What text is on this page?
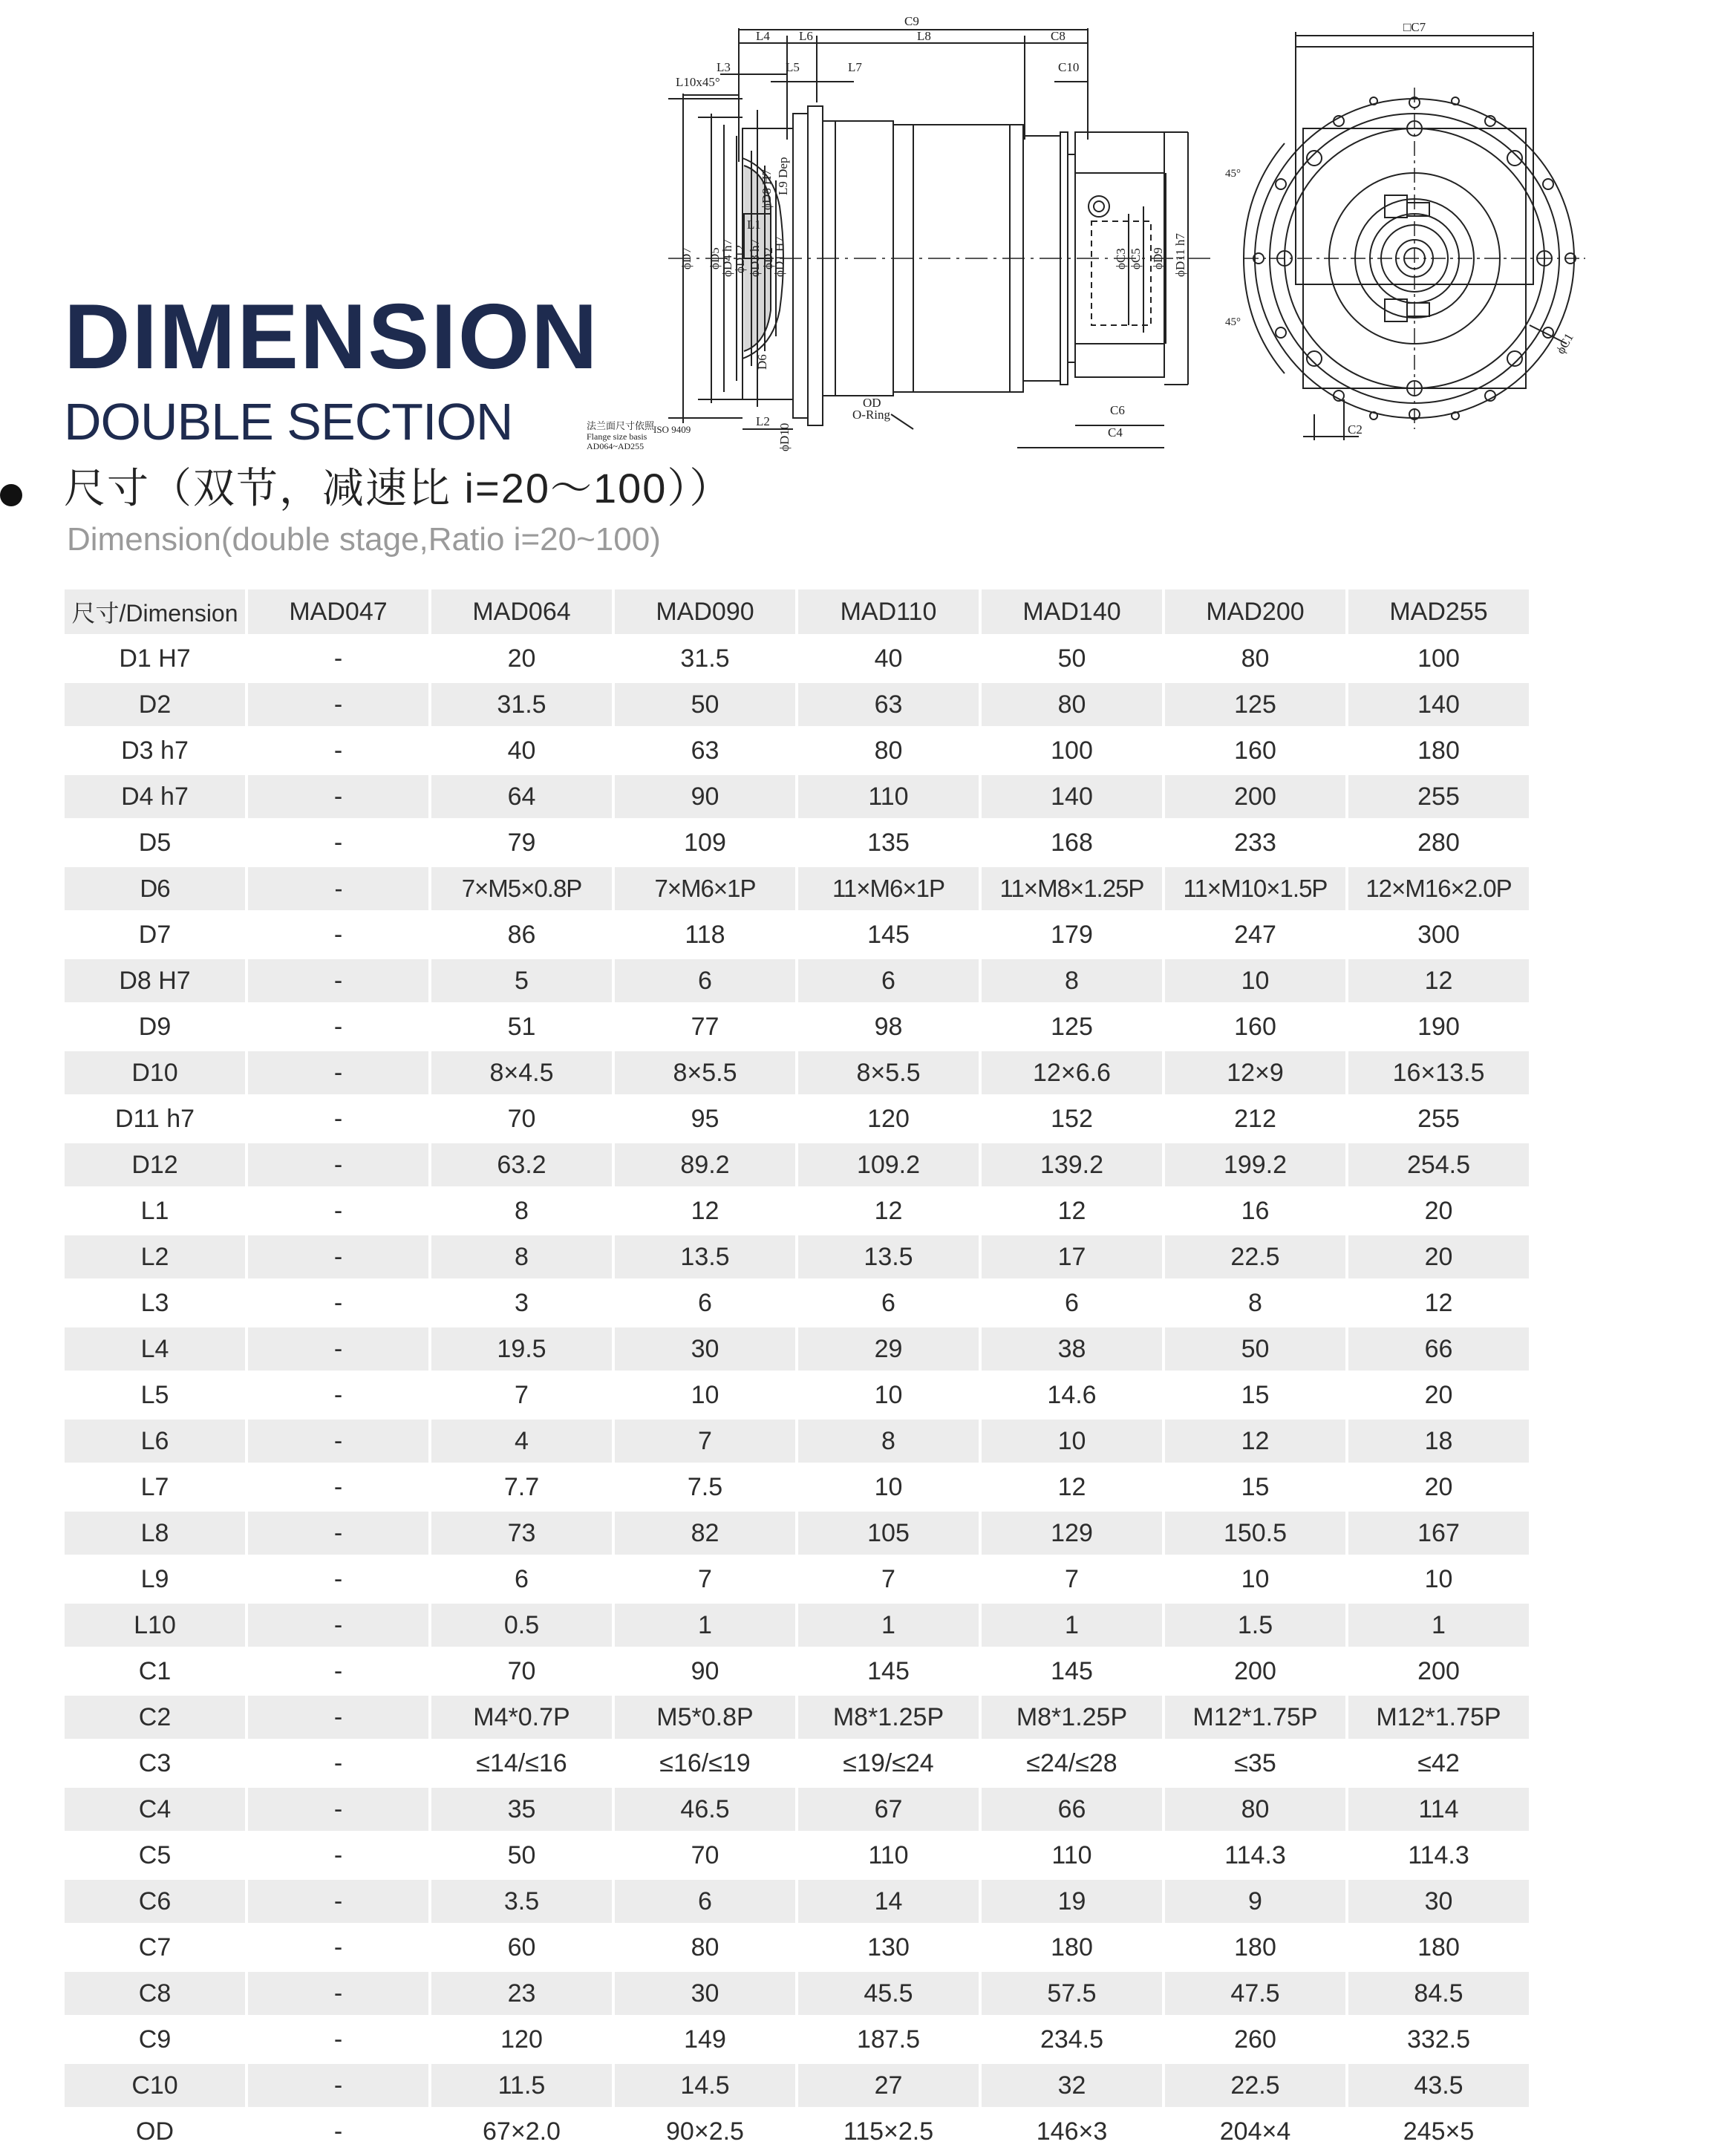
DIMENSION
DOUBLE SECTION
尺寸（双节，减速比 i=20～100））
Dimension(double stage,Ratio i=20~100)
C9
L4 L6	L8	C8
L3	L5	L7	C10
L10x45°
ϕD8 H7 L9 Dep
L1
ϕD7 ϕD5
ϕD4 h7
ϕD12 ϕD3 h7 ϕD2
ϕD1 H7
D6
ϕC3 ϕC5 ϕD9 ϕD11 h7
L2
ϕD10
OD
O-Ring
C4
C6
法兰面尺寸依照
Flange size basis
AD064~AD255
ISO 9409
□C7
ϕC1
C2
45°
45°
尺寸/Dimension	MAD047	MAD064	MAD090	MAD110	MAD140	MAD200	MAD255
D1 H7	-	20	31.5	40	50	80	100
D2	-	31.5	50	63	80	125	140
D3 h7	-	40	63	80	100	160	180
D4 h7	-	64	90	110	140	200	255
D5	-	79	109	135	168	233	280
D6	-	7×M5×0.8P	7×M6×1P	11×M6×1P	11×M8×1.25P	11×M10×1.5P	12×M16×2.0P
D7	-	86	118	145	179	247	300
D8 H7	-	5	6	6	8	10	12
D9	-	51	77	98	125	160	190
D10	-	8×4.5	8×5.5	8×5.5	12×6.6	12×9	16×13.5
D11 h7	-	70	95	120	152	212	255
D12	-	63.2	89.2	109.2	139.2	199.2	254.5
L1	-	8	12	12	12	16	20
L2	-	8	13.5	13.5	17	22.5	20
L3	-	3	6	6	6	8	12
L4	-	19.5	30	29	38	50	66
L5	-	7	10	10	14.6	15	20
L6	-	4	7	8	10	12	18
L7	-	7.7	7.5	10	12	15	20
L8	-	73	82	105	129	150.5	167
L9	-	6	7	7	7	10	10
L10	-	0.5	1	1	1	1.5	1
C1	-	70	90	145	145	200	200
C2	-	M4*0.7P	M5*0.8P	M8*1.25P	M8*1.25P	M12*1.75P	M12*1.75P
C3	-	≤14/≤16	≤16/≤19	≤19/≤24	≤24/≤28	≤35	≤42
C4	-	35	46.5	67	66	80	114
C5	-	50	70	110	110	114.3	114.3
C6	-	3.5	6	14	19	9	30
C7	-	60	80	130	180	180	180
C8	-	23	30	45.5	57.5	47.5	84.5
C9	-	120	149	187.5	234.5	260	332.5
C10	-	11.5	14.5	27	32	22.5	43.5
OD	-	67×2.0	90×2.5	115×2.5	146×3	204×4	245×5
